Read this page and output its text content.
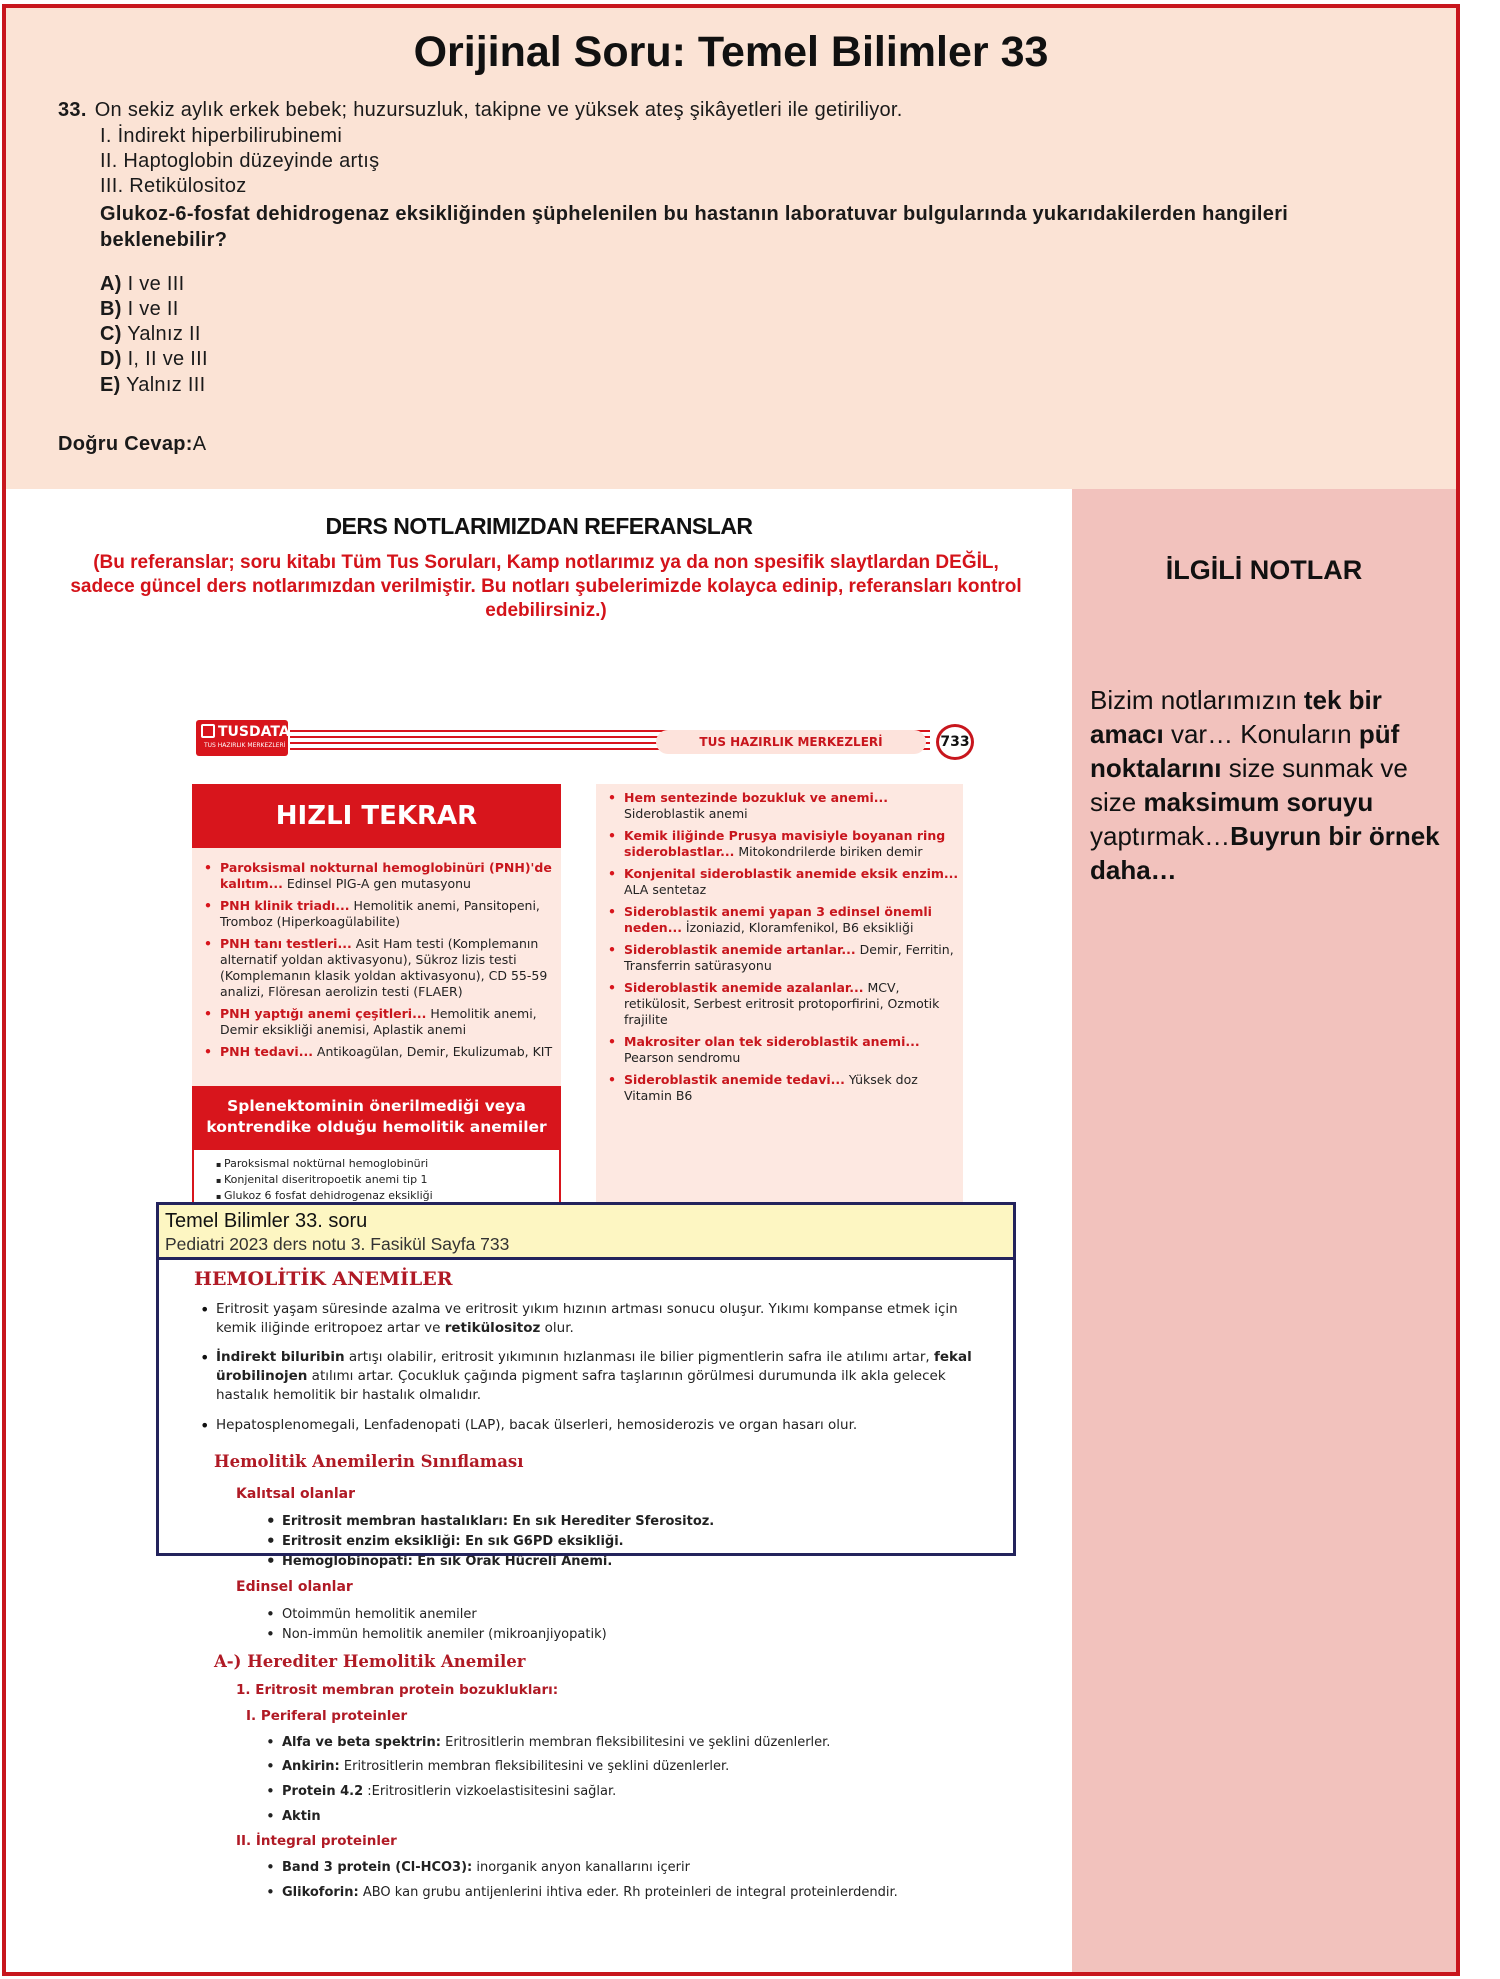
Orijinal Soru: Temel Bilimler 33
33. On sekiz aylık erkek bebek; huzursuzluk, takipne ve yüksek ateş şikâyetleri ile getiriliyor.
I. İndirekt hiperbilirubinemi
II. Haptoglobin düzeyinde artış
III. Retikülositoz
Glukoz-6-fosfat dehidrogenaz eksikliğinden şüphelenilen bu hastanın laboratuvar bulgularında yukarıdakilerden hangileri beklenebilir?
A) I ve III
B) I ve II
C) Yalnız II
D) I, II ve III
E) Yalnız III
Doğru Cevap:A
DERS NOTLARIMIZDAN REFERANSLAR
(Bu referanslar; soru kitabı Tüm Tus Soruları, Kamp notlarımız ya da non spesifik slaytlardan DEĞİL, sadece güncel ders notlarımızdan verilmiştir. Bu notları şubelerimizde kolayca edinip, referansları kontrol edebilirsiniz.)
İLGİLİ NOTLAR
Bizim notlarımızın tek bir amacı var… Konuların püf noktalarını size sunmak ve size maksimum soruyu yaptırmak…Buyrun bir örnek daha…
TUSDATA
TUS HAZIRLIK MERKEZLERİ	TUS HAZIRLIK MERKEZLERİ	733
HIZLI TEKRAR
• Paroksismal nokturnal hemoglobinüri (PNH)'de kalıtım... Edinsel PIG-A gen mutasyonu
• PNH klinik triadı... Hemolitik anemi, Pansitopeni, Tromboz (Hiperkoagülabilite)
• PNH tanı testleri... Asit Ham testi (Komplemanın alternatif yoldan aktivasyonu), Sükroz lizis testi (Komplemanın klasik yoldan aktivasyonu), CD 55-59 analizi, Flöresan aerolizin testi (FLAER)
• PNH yaptığı anemi çeşitleri... Hemolitik anemi, Demir eksikliği anemisi, Aplastik anemi
• PNH tedavi... Antikoagülan, Demir, Ekulizumab, KIT
Splenektominin önerilmediği veya kontrendike olduğu hemolitik anemiler
▪ Paroksismal noktürnal hemoglobinüri
▪ Konjenital diseritropoetik anemi tip 1
▪ Glukoz 6 fosfat dehidrogenaz eksikliği
• Hem sentezinde bozukluk ve anemi... Sideroblastik anemi
• Kemik iliğinde Prusya mavisiyle boyanan ring sideroblastlar... Mitokondrilerde biriken demir
• Konjenital sideroblastik anemide eksik enzim... ALA sentetaz
• Sideroblastik anemi yapan 3 edinsel önemli neden... İzoniazid, Kloramfenikol, B6 eksikliği
• Sideroblastik anemide artanlar... Demir, Ferritin, Transferrin satürasyonu
• Sideroblastik anemide azalanlar... MCV, retikülosit, Serbest eritrosit protoporfirini, Ozmotik frajilite
• Makrositer olan tek sideroblastik anemi... Pearson sendromu
• Sideroblastik anemide tedavi... Yüksek doz Vitamin B6
HEMOLİTİK ANEMİLER
• Eritrosit yaşam süresinde azalma ve eritrosit yıkım hızının artması sonucu oluşur. Yıkımı kompanse etmek için kemik iliğinde eritropoez artar ve retikülositoz olur.
• İndirekt biluribin artışı olabilir, eritrosit yıkımının hızlanması ile bilier pigmentlerin safra ile atılımı artar, fekal ürobilinojen atılımı artar. Çocukluk çağında pigment safra taşlarının görülmesi durumunda ilk akla gelecek hastalık hemolitik bir hastalık olmalıdır.
• Hepatosplenomegali, Lenfadenopati (LAP), bacak ülserleri, hemosiderozis ve organ hasarı olur.
Hemolitik Anemilerin Sınıflaması
Kalıtsal olanlar
• Eritrosit membran hastalıkları: En sık Herediter Sferositoz.
• Eritrosit enzim eksikliği: En sık G6PD eksikliği.
• Hemoglobinopati: En sık Orak Hücreli Anemi.
Edinsel olanlar
• Otoimmün hemolitik anemiler
• Non-immün hemolitik anemiler (mikroanjiyopatik)
A-) Herediter Hemolitik Anemiler
1. Eritrosit membran protein bozuklukları:
I. Periferal proteinler
• Alfa ve beta spektrin: Eritrositlerin membran fleksibilitesini ve şeklini düzenlerler.
• Ankirin: Eritrositlerin membran fleksibilitesini ve şeklini düzenlerler.
• Protein 4.2 :Eritrositlerin vizkoelastisitesini sağlar.
• Aktin
II. İntegral proteinler
• Band 3 protein (Cl-HCO3): inorganik anyon kanallarını içerir
• Glikoforin: ABO kan grubu antijenlerini ihtiva eder. Rh proteinleri de integral proteinlerdendir.
Temel Bilimler 33. soru
Pediatri 2023 ders notu 3. Fasikül Sayfa 733
